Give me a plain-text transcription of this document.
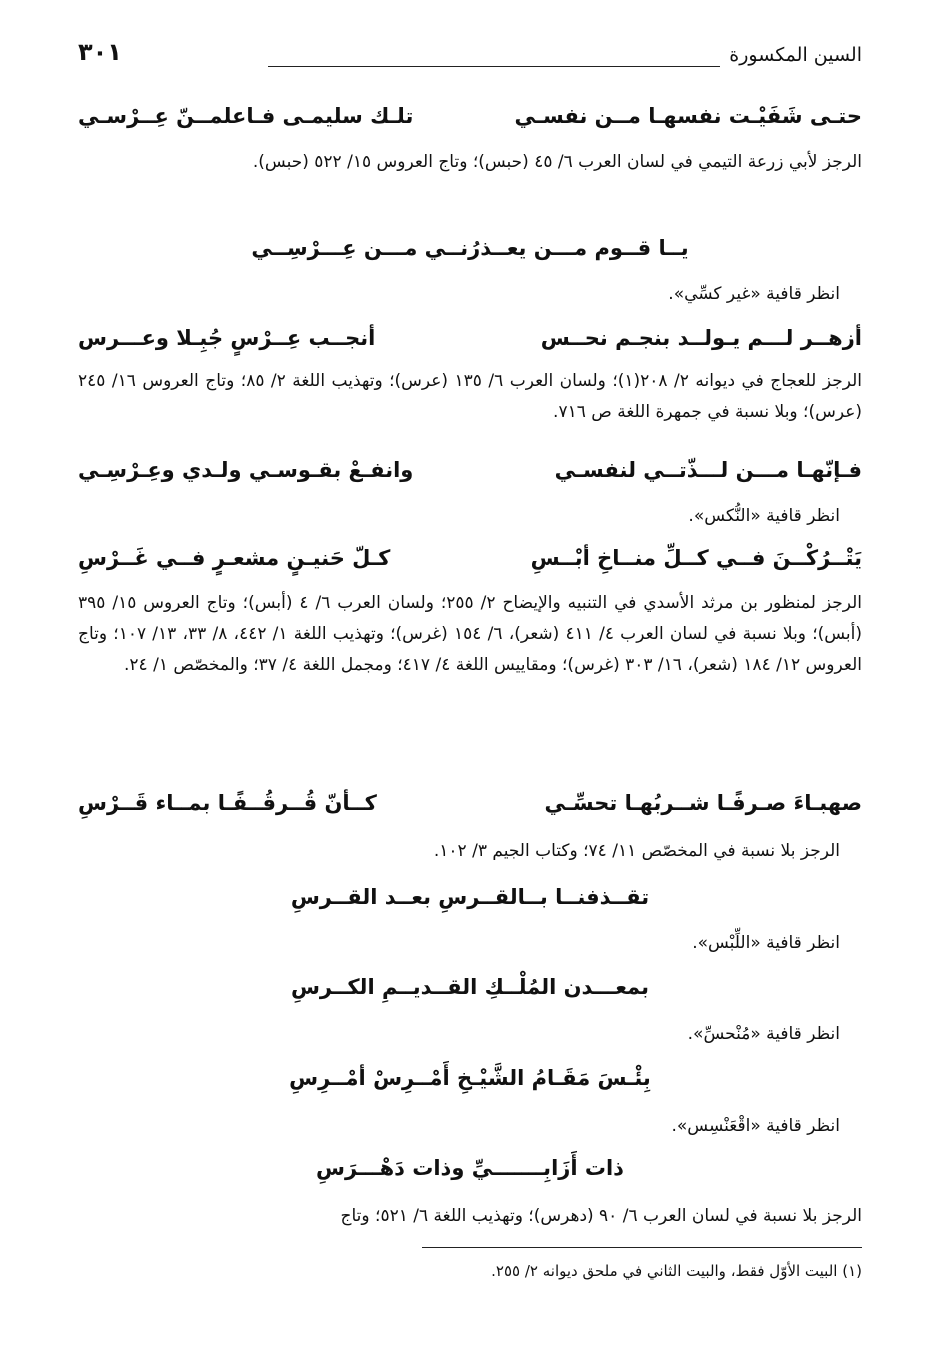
السين المكسورة
٣٠١
حتـى شَفَيْـت نفسهـا مــن نفسـي
تلـك سليمـى فـاعلمــنّ عِــرْسـي
الرجز لأبي زرعة التيمي في لسان العرب ٦/ ٤٥ (حبس)؛ وتاج العروس ١٥/ ٥٢٢ (حبس).
يــا قــوم مـــن يعــذرُنــي مـــن عِـــرْسِــي
انظر قافية «غير كسِّي».
أزهــر لـــم يـولــد بنجـم نحــس
أنجــب عِــرْسٍ جُبِـلا وعـــرس
الرجز للعجاج في ديوانه ٢/ ٢٠٨(١)؛ ولسان العرب ٦/ ١٣٥ (عرس)؛ وتهذيب اللغة ٢/ ٨٥؛ وتاج العروس ١٦/ ٢٤٥ (عرس)؛ وبلا نسبة في جمهرة اللغة ص ٧١٦.
فـإنّهـا مـــن لـــذّتــي لنفسـي
وانفـعْ بقـوسـي ولـدي وعِـرْسِـي
انظر قافية «النُّكس».
يَتْــرُكْــنَ فــي كــلِّ منــاخِ أبْــسِ
كـلّ حَنيـنٍ مشعـرٍ فــي غَــرْسِ
الرجز لمنظور بن مرثد الأسدي في التنبيه والإيضاح ٢/ ٢٥٥؛ ولسان العرب ٦/ ٤ (أبس)؛ وتاج العروس ١٥/ ٣٩٥ (أبس)؛ وبلا نسبة في لسان العرب ٤/ ٤١١ (شعر)، ٦/ ١٥٤ (غرس)؛ وتهذيب اللغة ١/ ٤٤٢، ٨/ ٣٣، ١٣/ ١٠٧؛ وتاج العروس ١٢/ ١٨٤ (شعر)، ١٦/ ٣٠٣ (غرس)؛ ومقاييس اللغة ٤/ ٤١٧؛ ومجمل اللغة ٤/ ٣٧؛ والمخصّص ١/ ٢٤.
صهبـاءَ صـرفًـا شــربُهـا تحسِّـي
كــأنّ قُــرقُــفًـا بمــاء قَــرْسِ
الرجز بلا نسبة في المخصّص ١١/ ٧٤؛ وكتاب الجيم ٣/ ١٠٢.
تقــذفنــا بــالقــرسِ بعــد القــرسِ
انظر قافية «اللِّبْس».
بمعـــدن المُلْــكِ القــديــمِ الكــرسِ
انظر قافية «مُنْحسِّ».
بِئْـسَ مَقَـامُ الشَّيْـخِ أَمْــرِسْ أمْــرِسِ
انظر قافية «اقْعَنْسِس».
ذات أَزَابِـــــــيِّ وذات دَهْـــرَسِ
الرجز بلا نسبة في لسان العرب ٦/ ٩٠ (دهرس)؛ وتهذيب اللغة ٦/ ٥٢١؛ وتاج
(١) البيت الأوّل فقط، والبيت الثاني في ملحق ديوانه ٢/ ٢٥٥.
